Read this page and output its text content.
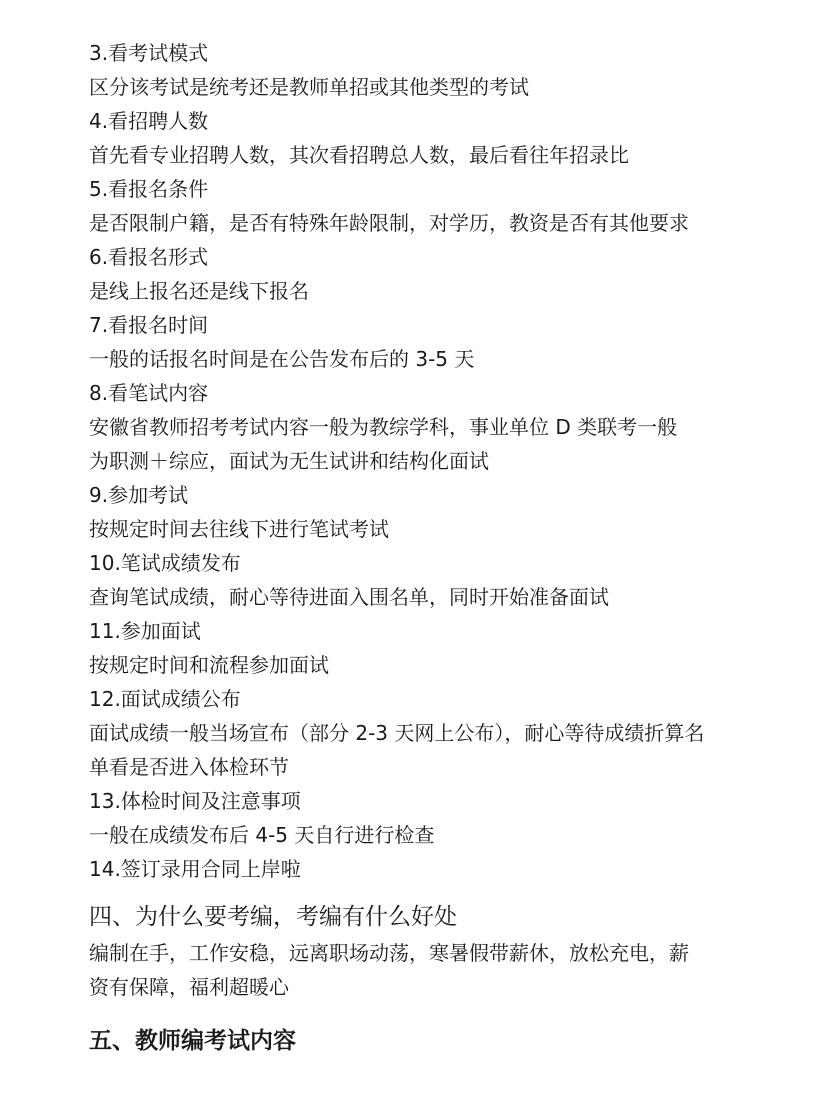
3.看考试模式
区分该考试是统考还是教师单招或其他类型的考试
4.看招聘人数
首先看专业招聘人数，其次看招聘总人数，最后看往年招录比
5.看报名条件
是否限制户籍，是否有特殊年龄限制，对学历，教资是否有其他要求
6.看报名形式
是线上报名还是线下报名
7.看报名时间
一般的话报名时间是在公告发布后的 3-5 天
8.看笔试内容
安徽省教师招考考试内容一般为教综学科，事业单位 D 类联考一般
为职测＋综应，面试为无生试讲和结构化面试
9.参加考试
按规定时间去往线下进行笔试考试
10.笔试成绩发布
查询笔试成绩，耐心等待进面入围名单，同时开始准备面试
11.参加面试
按规定时间和流程参加面试
12.面试成绩公布
面试成绩一般当场宣布（部分 2-3 天网上公布），耐心等待成绩折算名
单看是否进入体检环节
13.体检时间及注意事项
一般在成绩发布后 4-5 天自行进行检查
14.签订录用合同上岸啦
四、为什么要考编，考编有什么好处
编制在手，工作安稳，远离职场动荡，寒暑假带薪休，放松充电，薪
资有保障，福利超暖心
五、教师编考试内容
